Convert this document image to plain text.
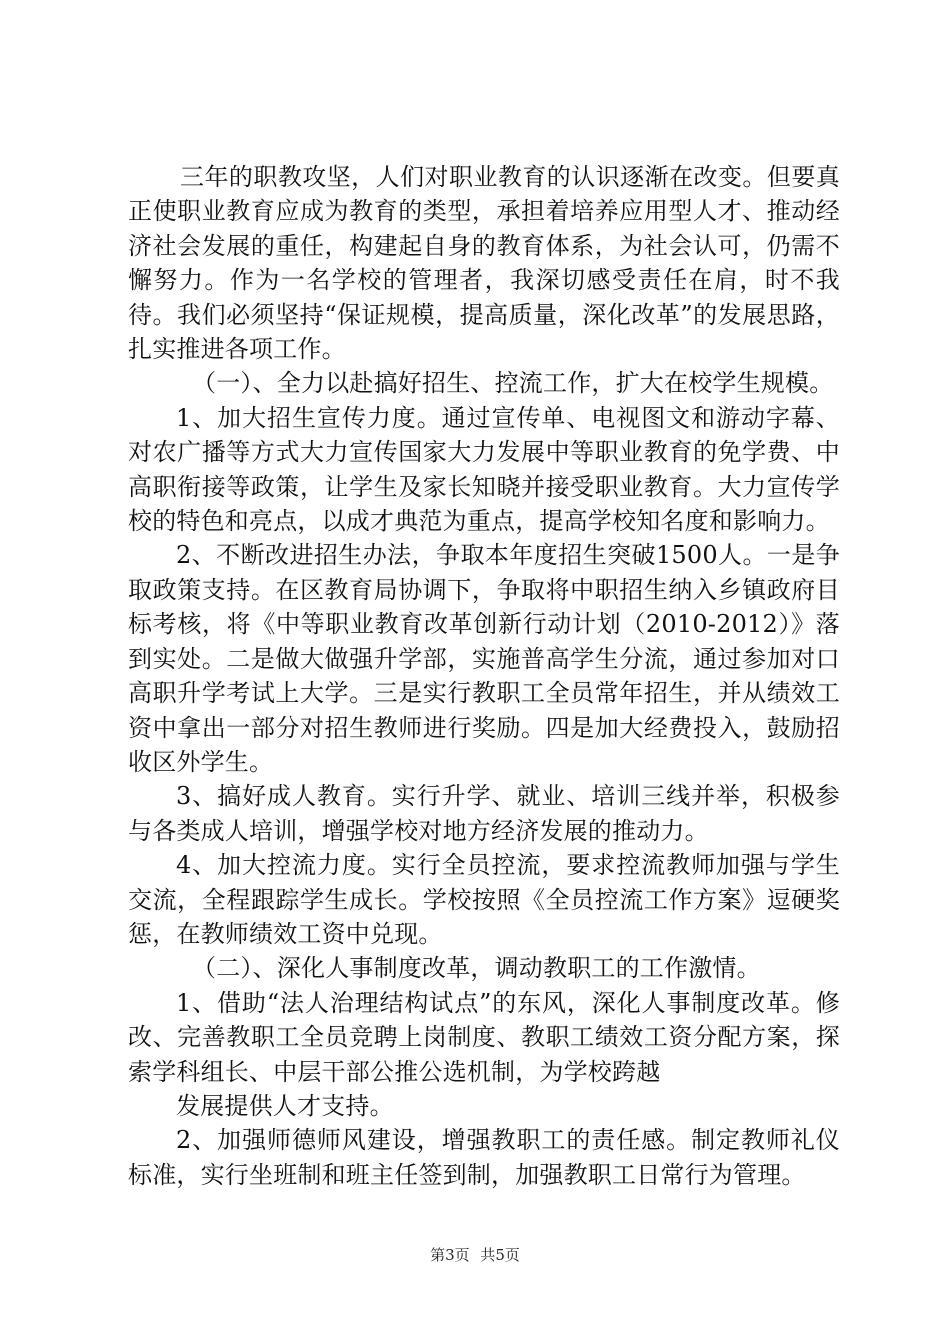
三年的职教攻坚，人们对职业教育的认识逐渐在改变。但要真正使职业教育应成为教育的类型，承担着培养应用型人才、推动经济社会发展的重任，构建起自身的教育体系，为社会认可，仍需不懈努力。作为一名学校的管理者，我深切感受责任在肩，时不我待。我们必须坚持“保证规模，提高质量，深化改革”的发展思路，扎实推进各项工作。

（一）、全力以赴搞好招生、控流工作，扩大在校学生规模。

1、加大招生宣传力度。通过宣传单、电视图文和游动字幕、对农广播等方式大力宣传国家大力发展中等职业教育的免学费、中高职衔接等政策，让学生及家长知晓并接受职业教育。大力宣传学校的特色和亮点，以成才典范为重点，提高学校知名度和影响力。

2、不断改进招生办法，争取本年度招生突破1500人。一是争取政策支持。在区教育局协调下，争取将中职招生纳入乡镇政府目标考核，将《中等职业教育改革创新行动计划（2010-2012）》落到实处。二是做大做强升学部，实施普高学生分流，通过参加对口高职升学考试上大学。三是实行教职工全员常年招生，并从绩效工资中拿出一部分对招生教师进行奖励。四是加大经费投入，鼓励招收区外学生。

3、搞好成人教育。实行升学、就业、培训三线并举，积极参与各类成人培训，增强学校对地方经济发展的推动力。

4、加大控流力度。实行全员控流，要求控流教师加强与学生交流，全程跟踪学生成长。学校按照《全员控流工作方案》逗硬奖惩，在教师绩效工资中兑现。

（二）、深化人事制度改革，调动教职工的工作激情。

1、借助“法人治理结构试点”的东风，深化人事制度改革。修改、完善教职工全员竞聘上岗制度、教职工绩效工资分配方案，探索学科组长、中层干部公推公选机制，为学校跨越

发展提供人才支持。

2、加强师德师风建设，增强教职工的责任感。制定教师礼仪标准，实行坐班制和班主任签到制，加强教职工日常行为管理。

第3页 共5页
